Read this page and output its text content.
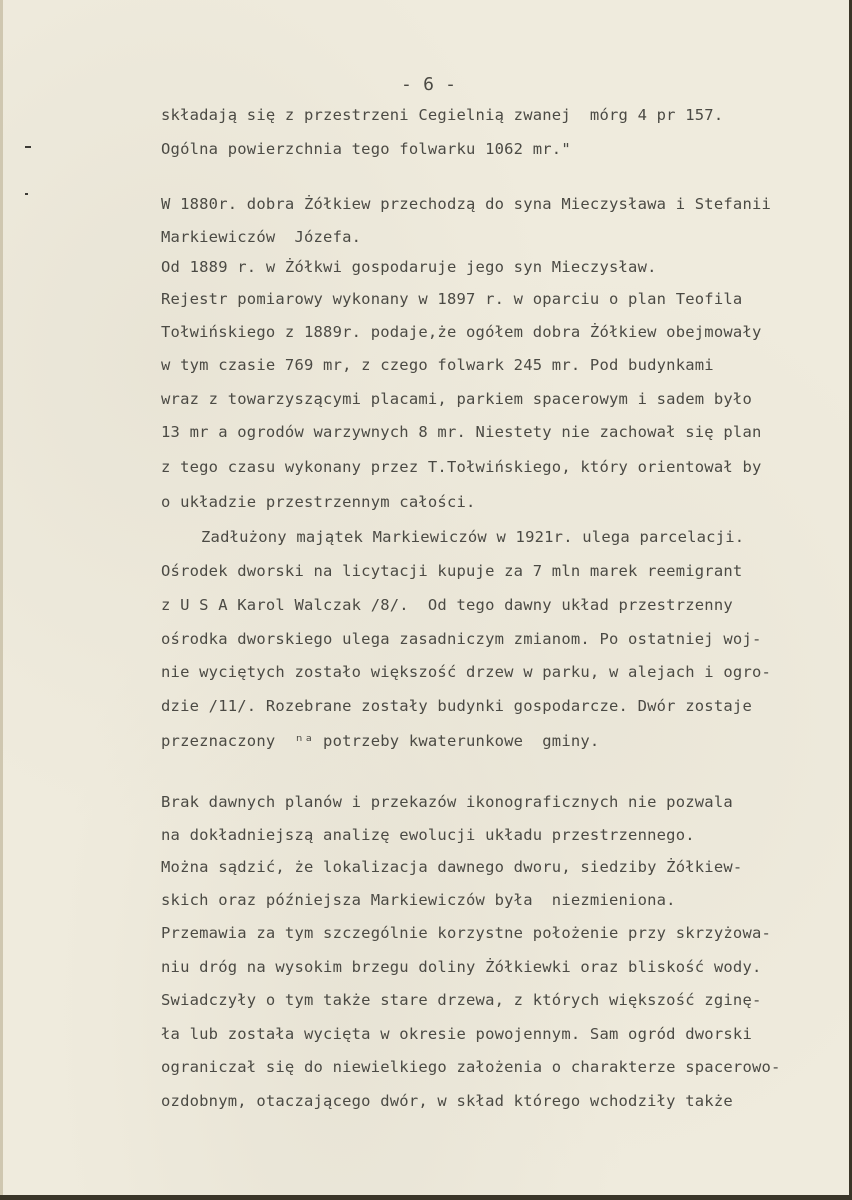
- 6 -
składają się z przestrzeni Cegielnią zwanej  mórg 4 pr 157.
Ogólna powierzchnia tego folwarku 1062 mr."
W 1880r. dobra Żółkiew przechodzą do syna Mieczysława i Stefanii
Markiewiczów  Józefa.
Od 1889 r. w Żółkwi gospodaruje jego syn Mieczysław.
Rejestr pomiarowy wykonany w 1897 r. w oparciu o plan Teofila
Tołwińskiego z 1889r. podaje,że ogółem dobra Żółkiew obejmowały
w tym czasie 769 mr, z czego folwark 245 mr. Pod budynkami
wraz z towarzyszącymi placami, parkiem spacerowym i sadem było
13 mr a ogrodów warzywnych 8 mr. Niestety nie zachował się plan
z tego czasu wykonany przez T.Tołwińskiego, który orientował by
o układzie przestrzennym całości.
Zadłużony majątek Markiewiczów w 1921r. ulega parcelacji.
Ośrodek dworski na licytacji kupuje za 7 mln marek reemigrant
z U S A Karol Walczak /8/.  Od tego dawny układ przestrzenny
ośrodka dworskiego ulega zasadniczym zmianom. Po ostatniej woj-
nie wyciętych zostało większość drzew w parku, w alejach i ogro-
dzie /11/. Rozebrane zostały budynki gospodarcze. Dwór zostaje
przeznaczony  ⁿᵃ potrzeby kwaterunkowe  gminy.
Brak dawnych planów i przekazów ikonograficznych nie pozwala
na dokładniejszą analizę ewolucji układu przestrzennego.
Można sądzić, że lokalizacja dawnego dworu, siedziby Żółkiew-
skich oraz późniejsza Markiewiczów była  niezmieniona.
Przemawia za tym szczególnie korzystne położenie przy skrzyżowa-
niu dróg na wysokim brzegu doliny Żółkiewki oraz bliskość wody.
Swiadczyły o tym także stare drzewa, z których większość zginę-
ła lub została wycięta w okresie powojennym. Sam ogród dworski
ograniczał się do niewielkiego założenia o charakterze spacerowo-
ozdobnym, otaczającego dwór, w skład którego wchodziły także
